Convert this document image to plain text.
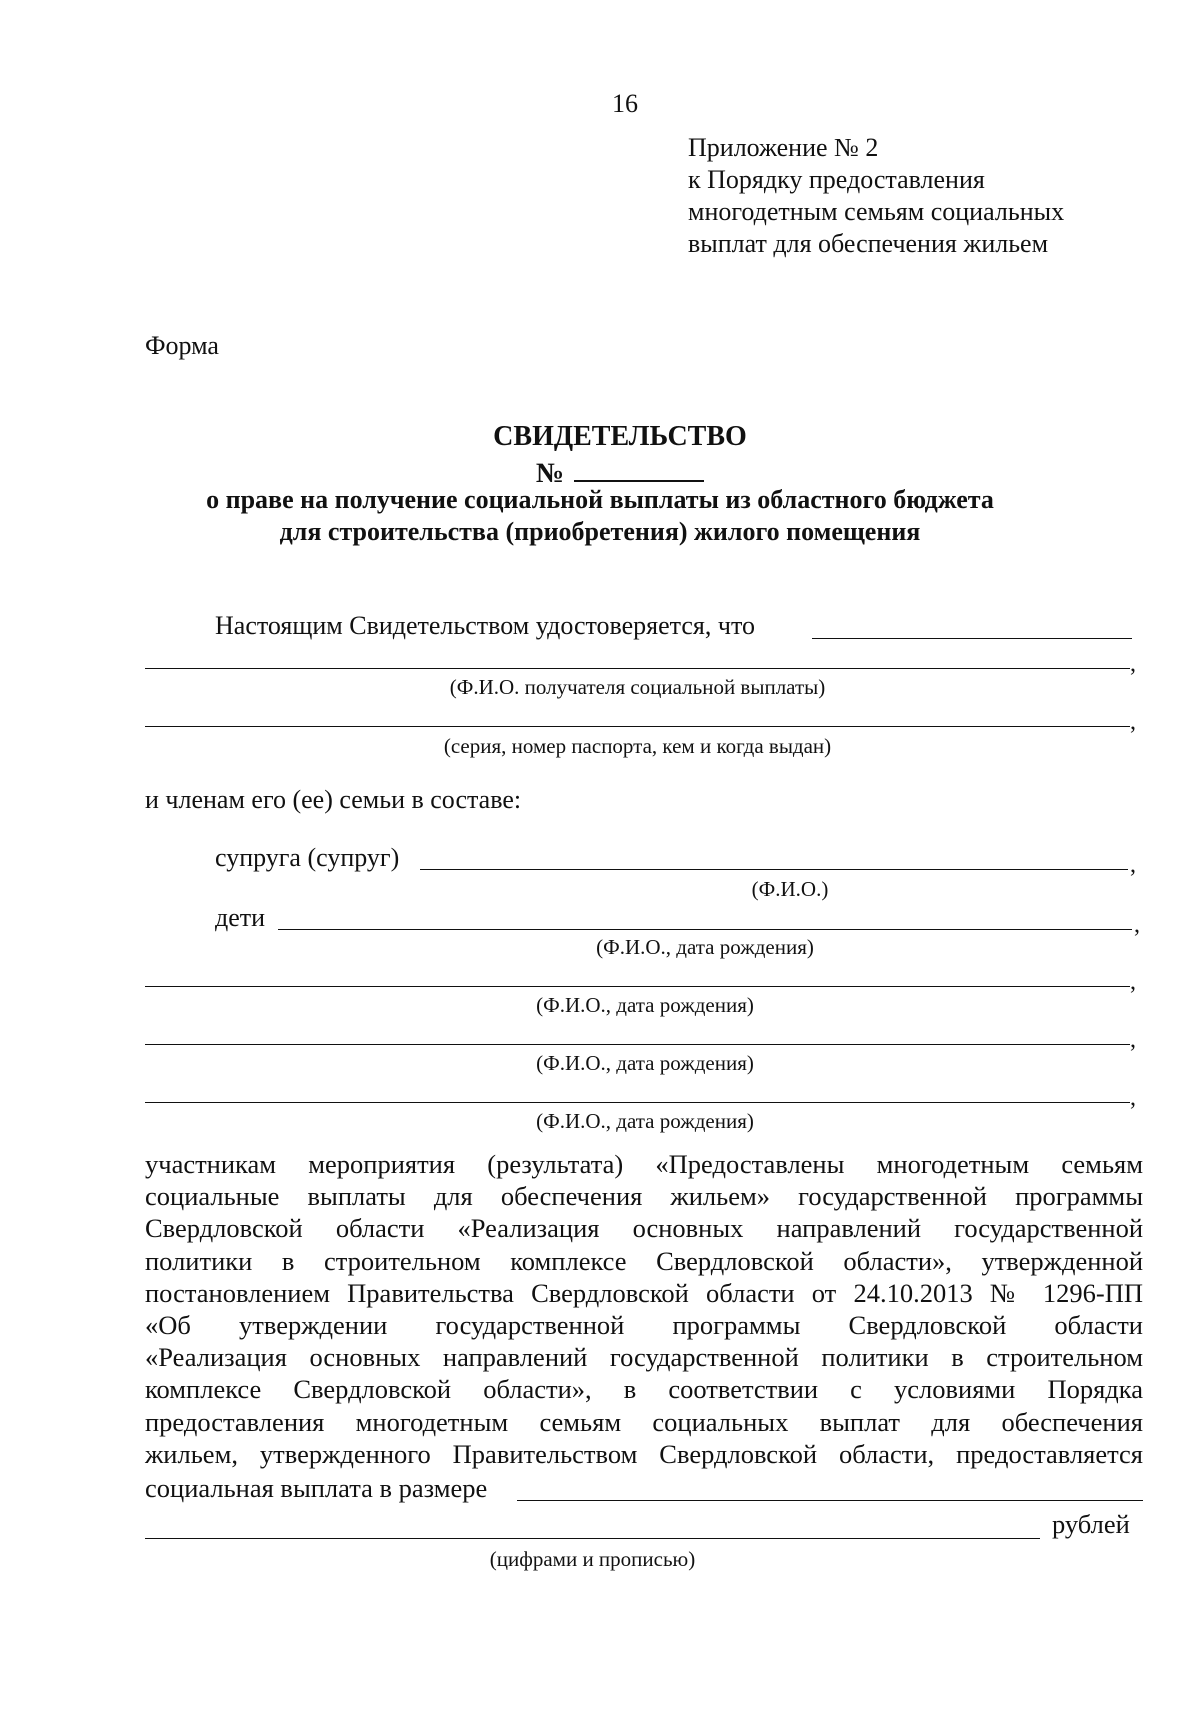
16
Приложение № 2
к Порядку предоставления
многодетным семьям социальных
выплат для обеспечения жильем
Форма
СВИДЕТЕЛЬСТВО
№
о праве на получение социальной выплаты из областного бюджета
для строительства (приобретения) жилого помещения
Настоящим Свидетельством удостоверяется, что
,
(Ф.И.О. получателя социальной выплаты)
,
(серия, номер паспорта, кем и когда выдан)
и членам его (ее) семьи в составе:
супруга (супруг)	,
(Ф.И.О.)
дети	,
(Ф.И.О., дата рождения)
,
(Ф.И.О., дата рождения)
,
(Ф.И.О., дата рождения)
,
(Ф.И.О., дата рождения)
участникам мероприятия (результата) «Предоставлены многодетным семьям
социальные выплаты для обеспечения жильем» государственной программы
Свердловской области «Реализация основных направлений государственной
политики в строительном комплексе Свердловской области», утвержденной
постановлением Правительства Свердловской области от 24.10.2013 № 1296-ПП
«Об утверждении государственной программы Свердловской области
«Реализация основных направлений государственной политики в строительном
комплексе Свердловской области», в соответствии с условиями Порядка
предоставления многодетным семьям социальных выплат для обеспечения
жильем, утвержденного Правительством Свердловской области, предоставляется
социальная выплата в размере
рублей
(цифрами и прописью)
